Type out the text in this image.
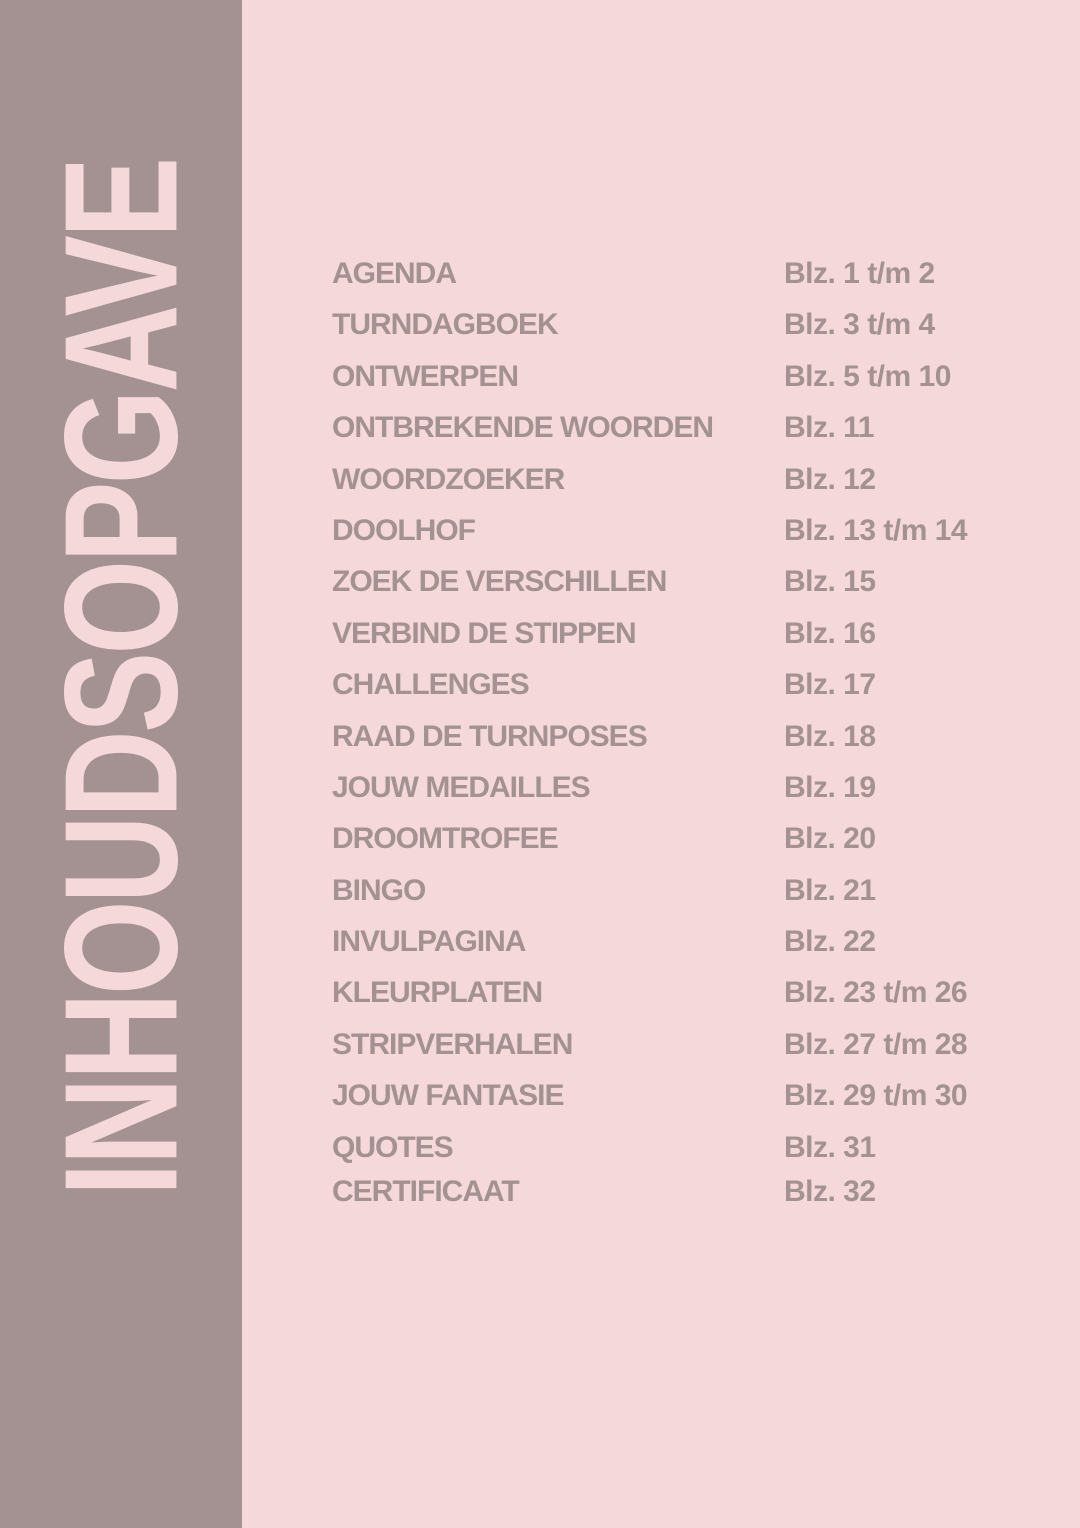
INHOUDSOPGAVE	AGENDA	Blz. 1 t/m 2
TURNDAGBOEK	Blz. 3 t/m 4
ONTWERPEN	Blz. 5 t/m 10
ONTBREKENDE WOORDEN Blz. 11
WOORDZOEKER	Blz. 12
DOOLHOF	Blz. 13 t/m 14
ZOEK DE VERSCHILLEN	Blz. 15
VERBIND DE STIPPEN	Blz. 16
CHALLENGES	Blz. 17
RAAD DE TURNPOSES	Blz. 18
JOUW MEDAILLES	Blz. 19
DROOMTROFEE	Blz. 20
BINGO	Blz. 21
INVULPAGINA	Blz. 22
KLEURPLATEN	Blz. 23 t/m 26
STRIPVERHALEN	Blz. 27 t/m 28
JOUW FANTASIE	Blz. 29 t/m 30
QUOTES	Blz. 31
CERTIFICAAT	Blz. 32
